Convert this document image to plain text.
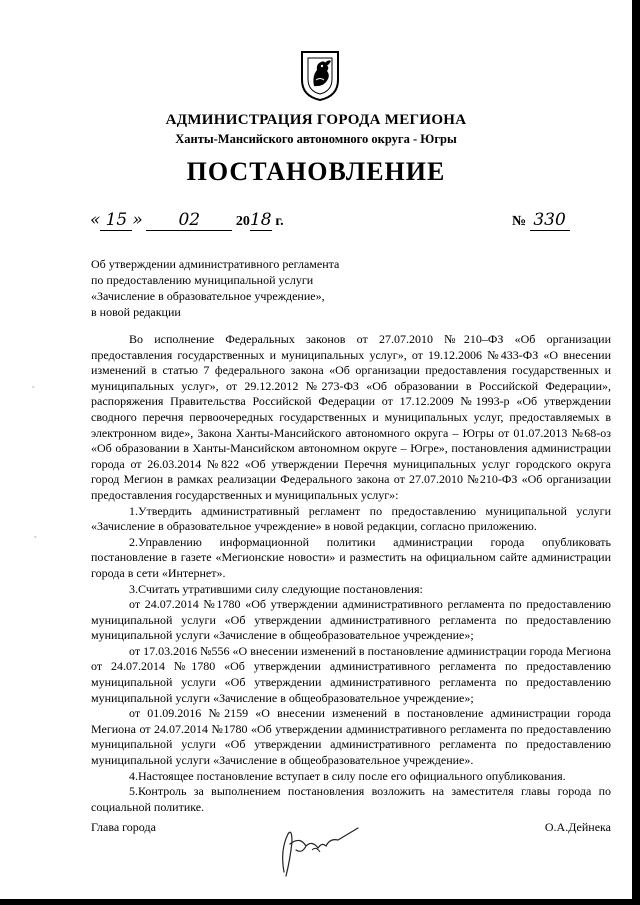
АДМИНИСТРАЦИЯ ГОРОДА МЕГИОНА
Ханты-Мансийского автономного округа - Югры
ПОСТАНОВЛЕНИЕ
« 15 » 02	2018 г.	№ 330
Об утверждении административного регламента
по предоставлению муниципальной услуги
«Зачисление в образовательное учреждение»,
в новой редакции

Во исполнение Федеральных законов от 27.07.2010 №210–ФЗ «Об организации предоставления государственных и муниципальных услуг», от 19.12.2006 №433-ФЗ «О внесении изменений в статью 7 федерального закона «Об организации предоставления государственных и муниципальных услуг», от 29.12.2012 №273-ФЗ «Об образовании в Российской Федерации», распоряжения Правительства Российской Федерации от 17.12.2009 №1993-р «Об утверждении сводного перечня первоочередных государственных и муниципальных услуг, предоставляемых в электронном виде», Закона Ханты-Мансийского автономного округа – Югры от 01.07.2013 №68-оз «Об образовании в Ханты-Мансийском автономном округе – Югре», постановления администрации города от 26.03.2014 №822 «Об утверждении Перечня муниципальных услуг городского округа город Мегион в рамках реализации Федерального закона от 27.07.2010 №210-ФЗ «Об организации предоставления государственных и муниципальных услуг»:

1.Утвердить административный регламент по предоставлению муниципальной услуги «Зачисление в образовательное учреждение» в новой редакции, согласно приложению.

2.Управлению информационной политики администрации города опубликовать постановление в газете «Мегионские новости» и разместить на официальном сайте администрации города в сети «Интернет».

3.Считать утратившими силу следующие постановления:

от 24.07.2014 №1780 «Об утверждении административного регламента по предоставлению муниципальной услуги «Об утверждении административного регламента по предоставлению муниципальной услуги «Зачисление в общеобразовательное учреждение»;

от 17.03.2016 №556 «О внесении изменений в постановление администрации города Мегиона от 24.07.2014 №1780 «Об утверждении административного регламента по предоставлению муниципальной услуги «Об утверждении административного регламента по предоставлению муниципальной услуги «Зачисление в общеобразовательное учреждение»;

от 01.09.2016 №2159 «О внесении изменений в постановление администрации города Мегиона от 24.07.2014 №1780 «Об утверждении административного регламента по предоставлению муниципальной услуги «Об утверждении административного регламента по предоставлению муниципальной услуги «Зачисление в общеобразовательное учреждение».

4.Настоящее постановление вступает в силу после его официального опубликования.

5.Контроль за выполнением постановления возложить на заместителя главы города по социальной политике.

Глава города	О.А.Дейнека
◦
◦
